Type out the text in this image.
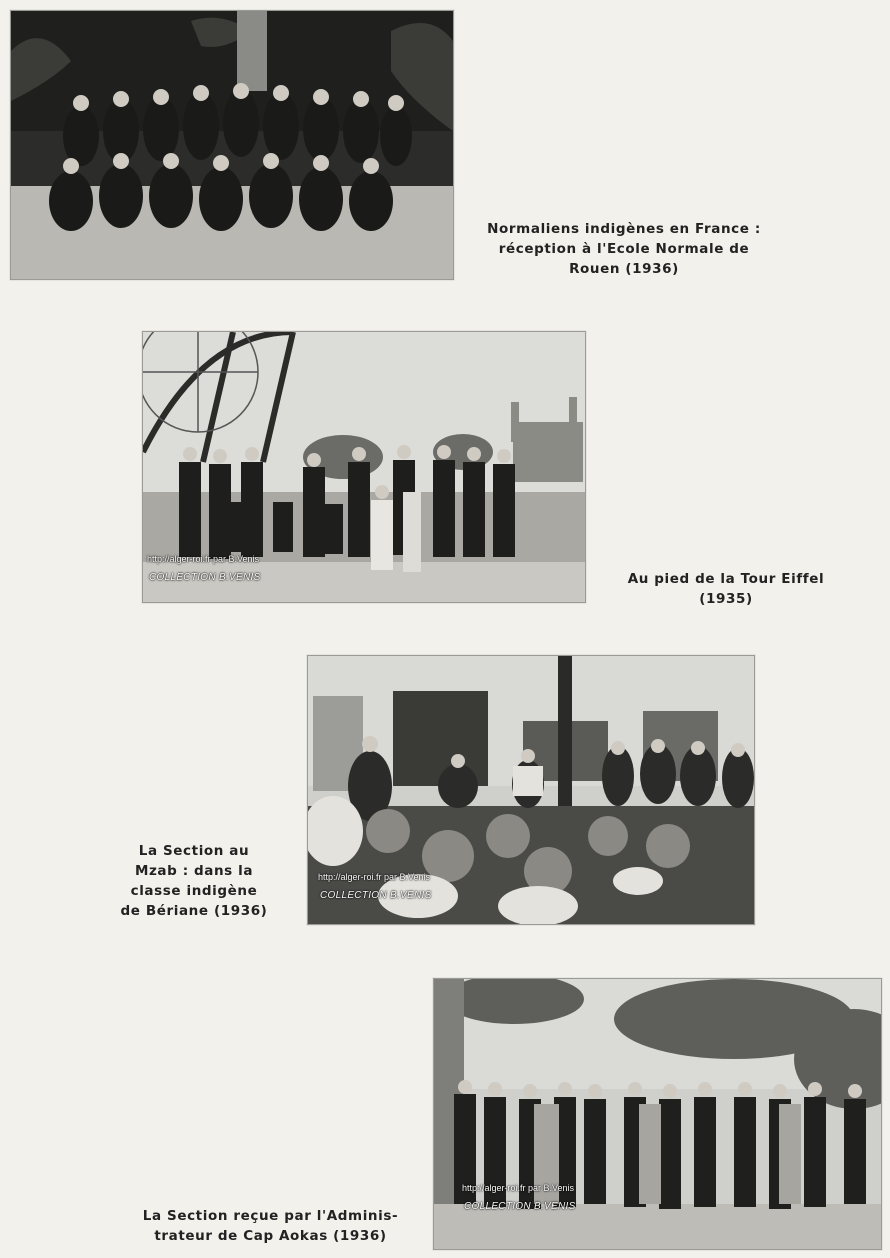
http://alger-roi.fr par B.Venis
COLLECTION B.VENIS
http://alger-roi.fr par B.Venis
COLLECTION B.VENIS
http://alger-roi.fr par B.Venis
COLLECTION B.VENIS
Normaliens indigènes en France :
réception à l'Ecole Normale de
Rouen (1936)
Au pied de la Tour Eiffel
(1935)
La Section au
Mzab : dans la
classe indigène
de Bériane (1936)
La Section reçue par l'Adminis-
trateur de Cap Aokas (1936)
